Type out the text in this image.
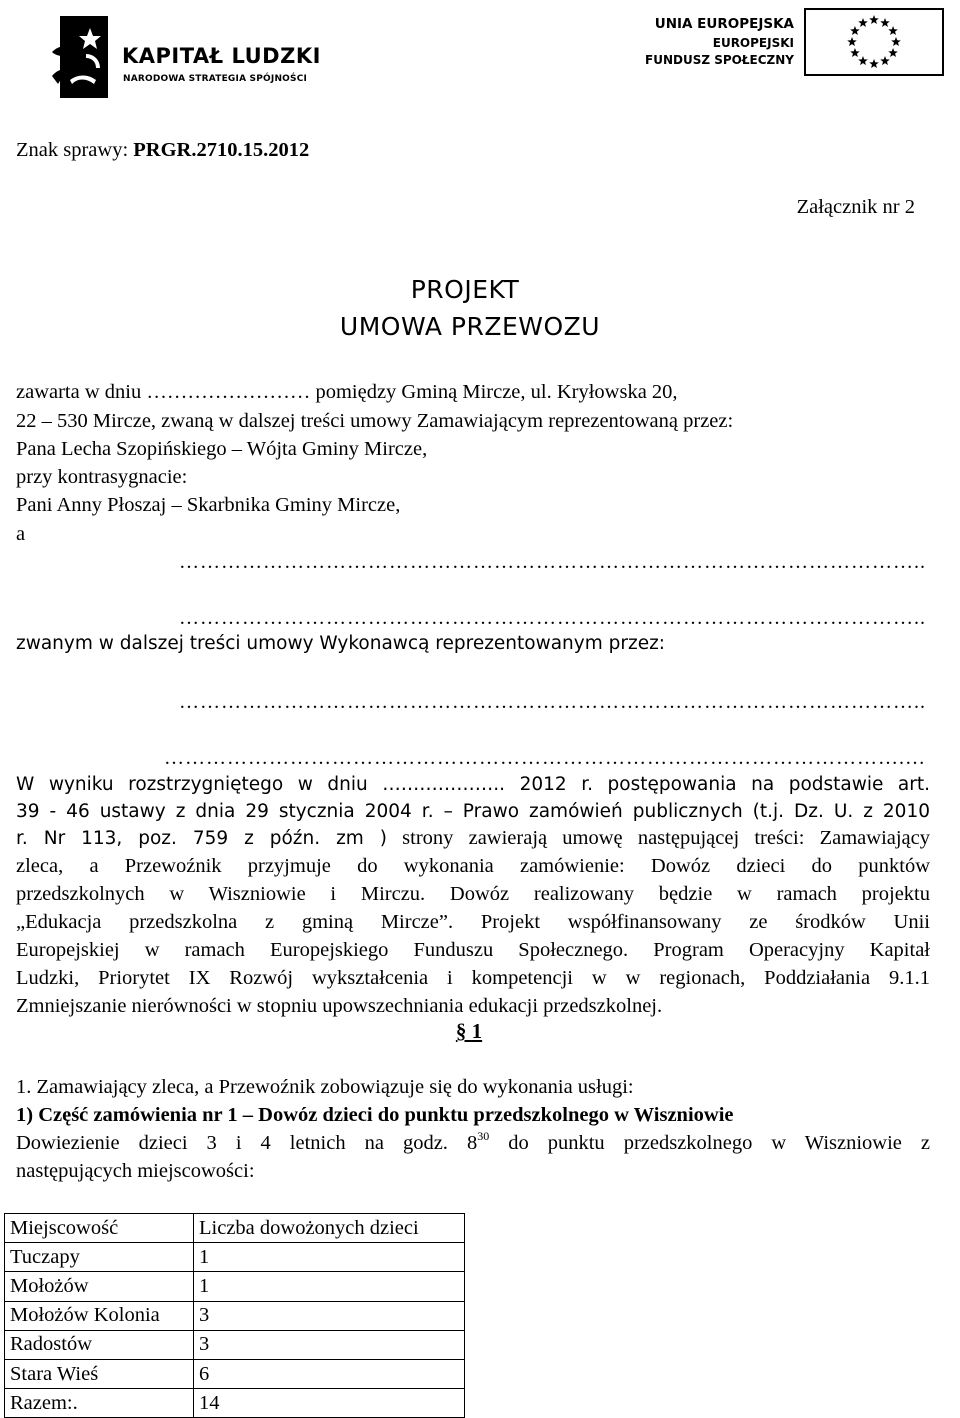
KAPITAŁ LUDZKI
NARODOWA STRATEGIA SPÓJNOŚCI
UNIA EUROPEJSKA
EUROPEJSKI
FUNDUSZ SPOŁECZNY
Znak sprawy: PRGR.2710.15.2012
Załącznik nr 2
PROJEKT
UMOWA PRZEWOZU
zawarta w dniu …………………… pomiędzy Gminą Mircze, ul. Kryłowska 20,
22 – 530 Mircze, zwaną w dalszej treści umowy Zamawiającym reprezentowaną przez:
Pana Lecha Szopińskiego – Wójta Gminy Mircze,
przy kontrasygnacie:
Pani Anny Płoszaj – Skarbnika Gminy Mircze,
a
……………………………………………………………………………………………..
……………………………………………………………………………………………..
zwanym w dalszej treści umowy Wykonawcą reprezentowanym przez:
……………………………………………………………………………………………..
…………………………………………………………………………………………….…
W wyniku rozstrzygniętego w dniu ……………….. 2012 r. postępowania na podstawie art.
39 - 46 ustawy z dnia 29 stycznia 2004 r. – Prawo zamówień publicznych (t.j. Dz. U. z 2010
r. Nr 113, poz. 759 z późn. zm ) strony zawierają umowę następującej treści: Zamawiający
zleca, a Przewoźnik przyjmuje do wykonania zamówienie: Dowóz dzieci do punktów
przedszkolnych w Wiszniowie i Mirczu. Dowóz realizowany będzie w ramach projektu
„Edukacja przedszkolna z gminą Mircze”. Projekt współfinansowany ze środków Unii
Europejskiej w ramach Europejskiego Funduszu Społecznego. Program Operacyjny Kapitał
Ludzki, Priorytet IX Rozwój wykształcenia i kompetencji w w regionach, Poddziałania 9.1.1
Zmniejszanie nierówności w stopniu upowszechniania edukacji przedszkolnej.
§ 1
1. Zamawiający zleca, a Przewoźnik zobowiązuje się do wykonania usługi:
1) Część zamówienia nr 1 – Dowóz dzieci do punktu przedszkolnego w Wiszniowie
Dowiezienie dzieci 3 i 4 letnich na godz. $8^{30}$ do punktu przedszkolnego w Wiszniowie z
następujących miejscowości:
Miejscowość	Liczba dowożonych dzieci
Tuczapy	1
Mołożów	1
Mołożów Kolonia	3
Radostów	3
Stara Wieś	6
Razem:.	14
